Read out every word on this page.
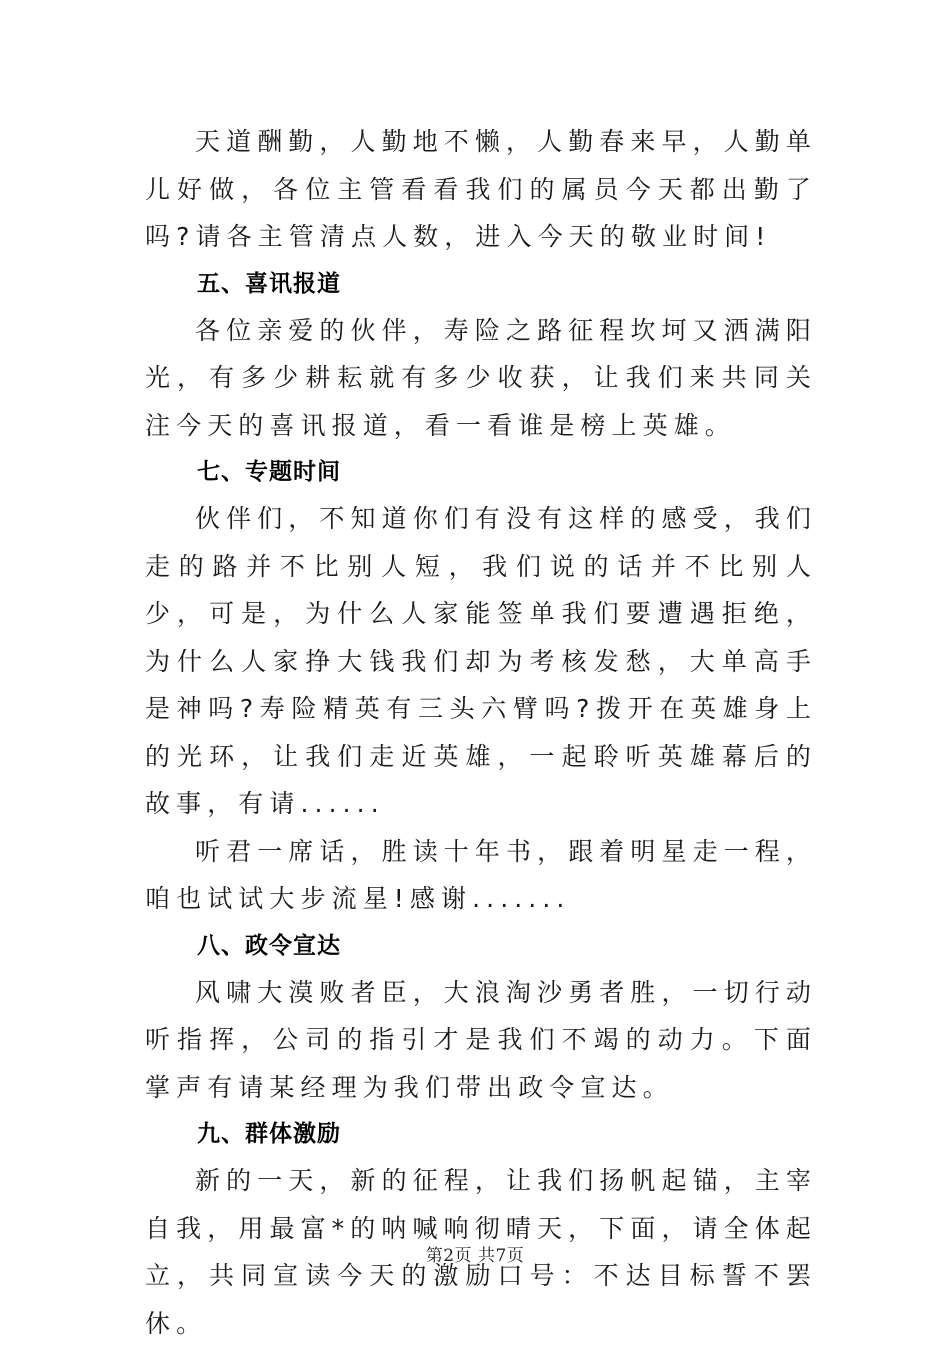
天道酬勤，人勤地不懒，人勤春来早，人勤单儿好做，各位主管看看我们的属员今天都出勤了吗?请各主管清点人数，进入今天的敬业时间!

五、喜讯报道

各位亲爱的伙伴，寿险之路征程坎坷又洒满阳光，有多少耕耘就有多少收获，让我们来共同关注今天的喜讯报道，看一看谁是榜上英雄。

七、专题时间

伙伴们，不知道你们有没有这样的感受，我们走的路并不比别人短，我们说的话并不比别人少，可是，为什么人家能签单我们要遭遇拒绝，为什么人家挣大钱我们却为考核发愁，大单高手是神吗?寿险精英有三头六臂吗?拨开在英雄身上的光环，让我们走近英雄，一起聆听英雄幕后的故事，有请......

听君一席话，胜读十年书，跟着明星走一程，咱也试试大步流星!感谢.......

八、政令宣达

风啸大漠败者臣，大浪淘沙勇者胜，一切行动听指挥，公司的指引才是我们不竭的动力。下面掌声有请某经理为我们带出政令宣达。

九、群体激励

新的一天，新的征程，让我们扬帆起锚，主宰自我，用最富*的呐喊响彻晴天，下面，请全体起立，共同宣读今天的激励口号：不达目标誓不罢休。

第2页 共7页
